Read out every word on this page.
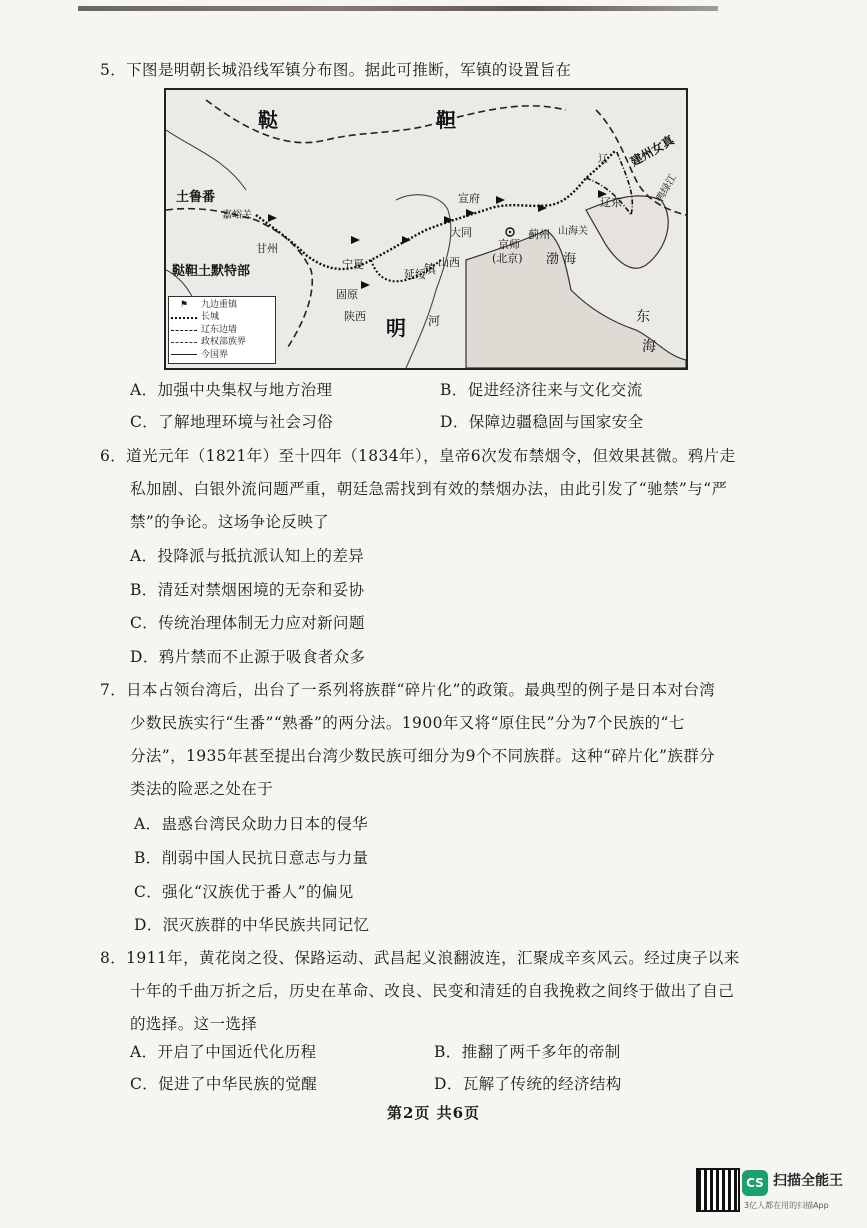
5．下图是明朝长城沿线军镇分布图。据此可推断，军镇的设置旨在

鞑	靼
土鲁番
嘉峪关
甘州
鞑靼土默特部	宁夏
固原
延绥
镇 山西
宣府
大同
京师
(北京)
蓟州 山海关
辽东
辽 建州女真
鸭绿江
渤 海
明
陕西	河	东
海
⚑	九边重镇
长城
辽东边墙
政权部族界
今国界
A．加强中央集权与地方治理	B．促进经济往来与文化交流
C．了解地理环境与社会习俗	D．保障边疆稳固与国家安全

6．道光元年（1821年）至十四年（1834年），皇帝6次发布禁烟令，但效果甚微。鸦片走

私加剧、白银外流问题严重，朝廷急需找到有效的禁烟办法，由此引发了“驰禁”与“严

禁”的争论。这场争论反映了

A．投降派与抵抗派认知上的差异
B．清廷对禁烟困境的无奈和妥协
C．传统治理体制无力应对新问题
D．鸦片禁而不止源于吸食者众多

7．日本占领台湾后，出台了一系列将族群“碎片化”的政策。最典型的例子是日本对台湾

少数民族实行“生番”“熟番”的两分法。1900年又将“原住民”分为7个民族的“七

分法”，1935年甚至提出台湾少数民族可细分为9个不同族群。这种“碎片化”族群分

类法的险恶之处在于

A．蛊惑台湾民众助力日本的侵华
B．削弱中国人民抗日意志与力量
C．强化“汉族优于番人”的偏见
D．泯灭族群的中华民族共同记忆

8．1911年，黄花岗之役、保路运动、武昌起义浪翻波连，汇聚成辛亥风云。经过庚子以来

十年的千曲万折之后，历史在革命、改良、民变和清廷的自我挽救之间终于做出了自己

的选择。这一选择

A．开启了中国近代化历程	B．推翻了两千多年的帝制
C．促进了中华民族的觉醒	D．瓦解了传统的经济结构
第2页 共6页
CS 扫描全能王
3亿人都在用的扫描App
